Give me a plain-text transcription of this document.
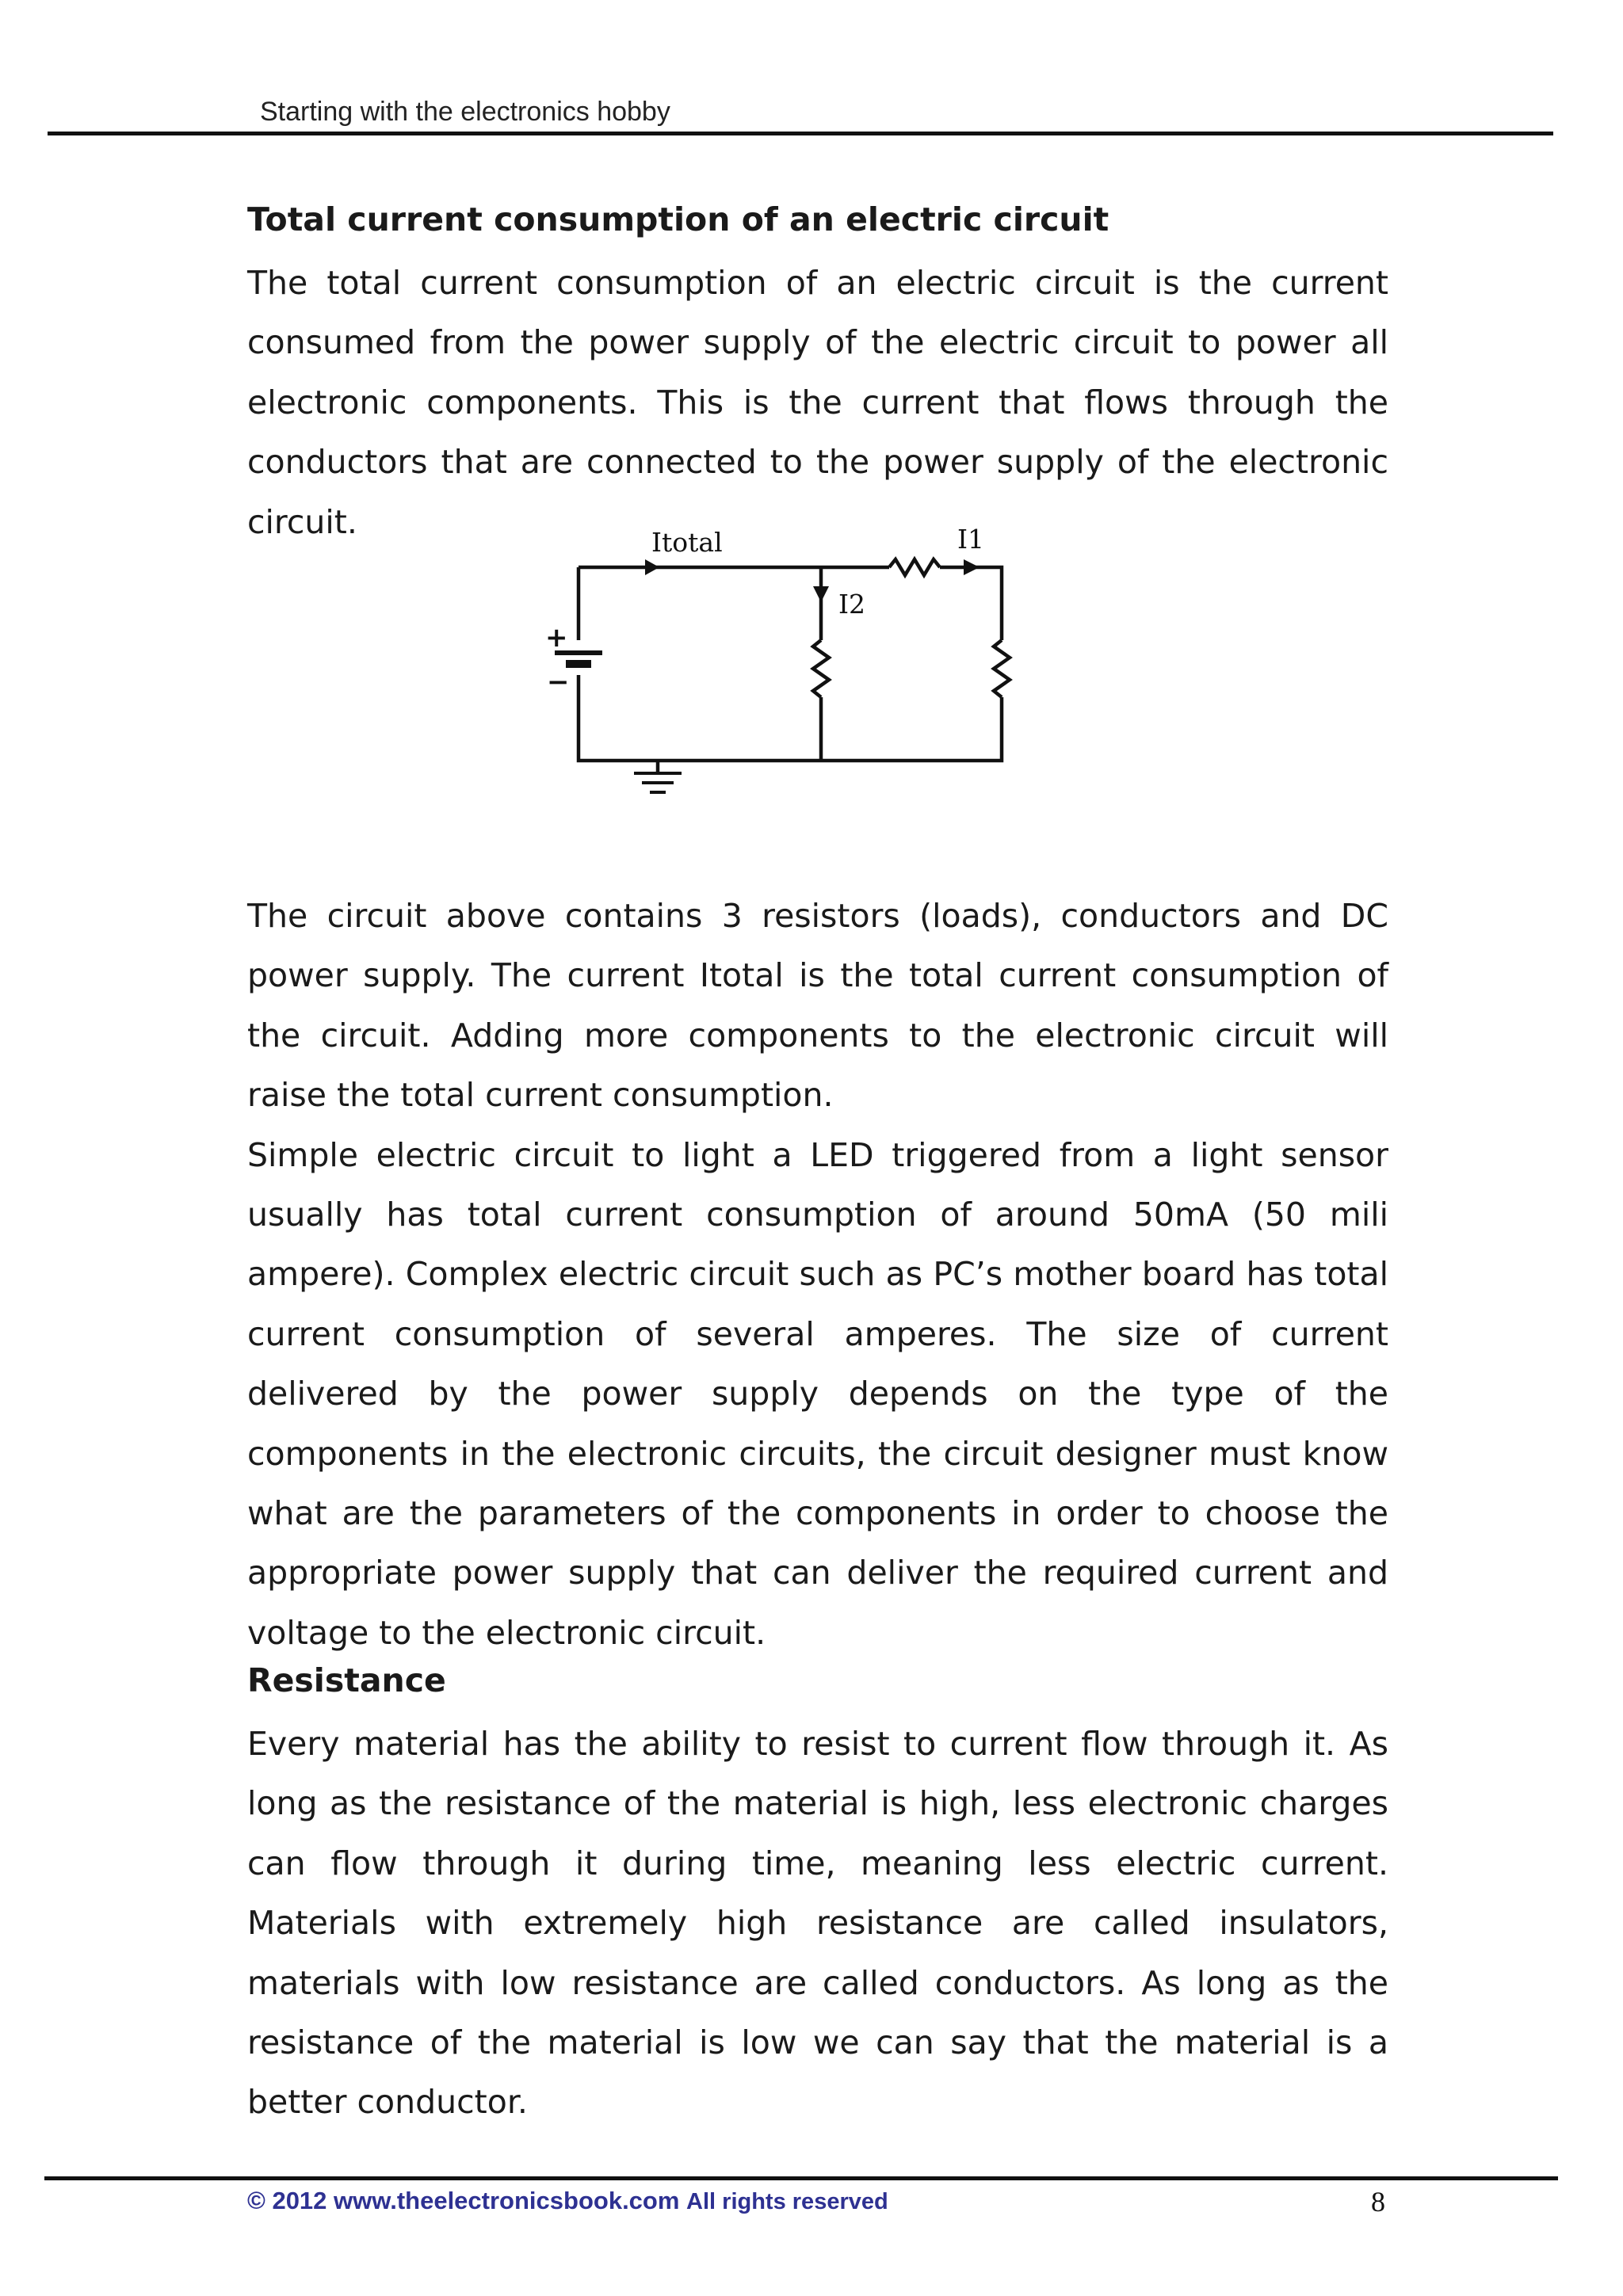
Starting with the electronics hobby
Total current consumption of an electric circuit

The total current consumption of an electric circuit is the current consumed from the power supply of the electric circuit to power all electronic components. This is the current that flows through the conductors that are connected to the power supply of the electronic circuit.

Itotal	I1
I2
+
−

The circuit above contains 3 resistors (loads), conductors and DC power supply. The current Itotal is the total current consumption of the circuit. Adding more components to the electronic circuit will raise the total current consumption.

Simple electric circuit to light a LED triggered from a light sensor usually has total current consumption of around 50mA (50 mili ampere). Complex electric circuit such as PC’s mother board has total current consumption of several amperes. The size of current delivered by the power supply depends on the type of the components in the electronic circuits, the circuit designer must know what are the parameters of the components in order to choose the appropriate power supply that can deliver the required current and voltage to the electronic circuit.

Resistance

Every material has the ability to resist to current flow through it. As long as the resistance of the material is high, less electronic charges can flow through it during time, meaning less electric current. Materials with extremely high resistance are called insulators, materials with low resistance are called conductors. As long as the resistance of the material is low we can say that the material is a better conductor.

© 2012 www.theelectronicsbook.com All rights reserved	8
